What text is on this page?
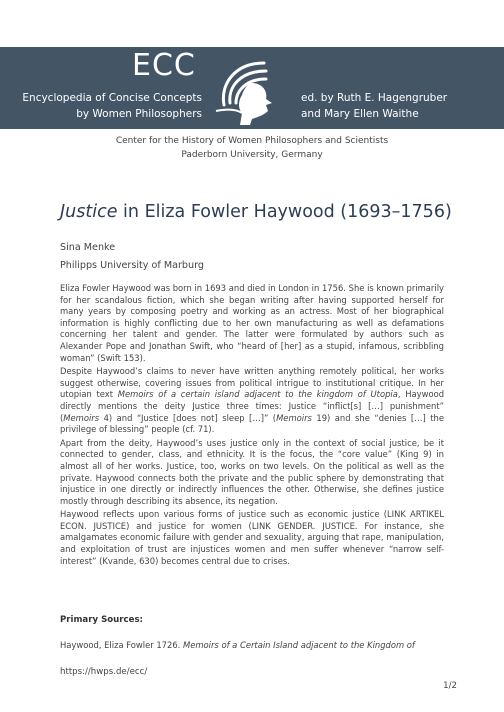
ECC
Encyclopedia of Concise Concepts
by Women Philosophers
ed. by Ruth E. Hagengruber
and Mary Ellen Waithe
Center for the History of Women Philosophers and Scientists
Paderborn University, Germany
Justice in Eliza Fowler Haywood (1693–1756)
Sina Menke
Philipps University of Marburg

Eliza Fowler Haywood was born in 1693 and died in London in 1756. She is known primarily for her scandalous fiction, which she began writing after having supported herself for many years by composing poetry and working as an actress. Most of her biographical information is highly conflicting due to her own manufacturing as well as defamations concerning her talent and gender. The latter were formulated by authors such as Alexander Pope and Jonathan Swift, who “heard of [her] as a stupid, infamous, scribbling woman” (Swift 153).

Despite Haywood’s claims to never have written anything remotely political, her works suggest otherwise, covering issues from political intrigue to institutional critique. In her utopian text Memoirs of a certain island adjacent to the kingdom of Utopia, Haywood directly mentions the deity Justice three times: Justice “inflict[s] […] punishment” (Memoirs 4) and “Justice [does not] sleep […]” (Memoirs 19) and she “denies […] the privilege of blessing” people (cf. 71).

Apart from the deity, Haywood’s uses justice only in the context of social justice, be it connected to gender, class, and ethnicity. It is the focus, the “core value” (King 9) in almost all of her works. Justice, too, works on two levels. On the political as well as the private. Haywood connects both the private and the public sphere by demonstrating that injustice in one directly or indirectly influences the other. Otherwise, she defines justice mostly through describing its absence, its negation.

Haywood reflects upon various forms of justice such as economic justice (LINK ARTIKEL ECON. JUSTICE) and justice for women (LINK GENDER. JUSTICE. For instance, she amalgamates economic failure with gender and sexuality, arguing that rape, manipulation, and exploitation of trust are injustices women and men suffer whenever “narrow self-interest” (Kvande, 630) becomes central due to crises.

Primary Sources:
Haywood, Eliza Fowler 1726. Memoirs of a Certain Island adjacent to the Kingdom of
https://hwps.de/ecc/
1/2
